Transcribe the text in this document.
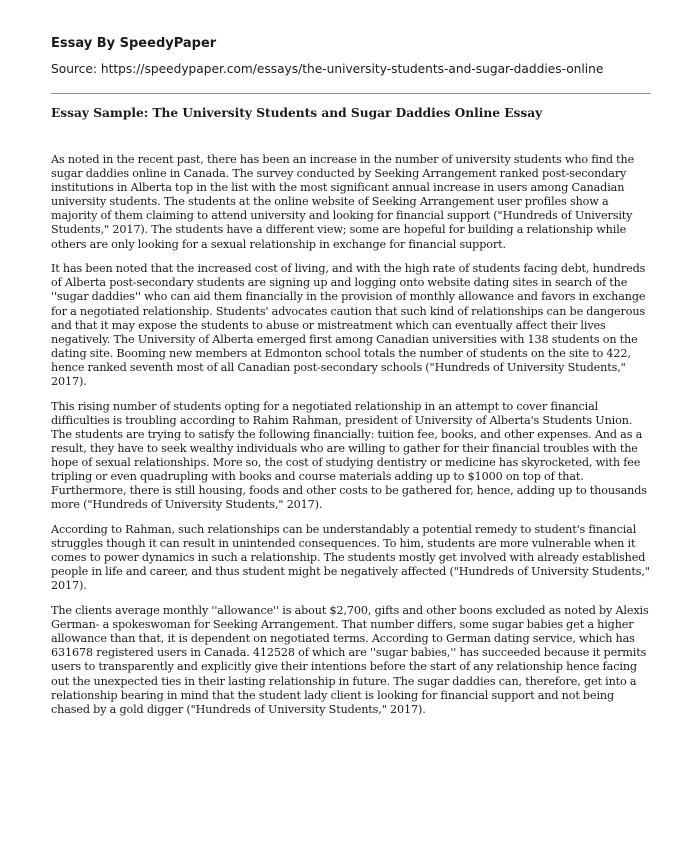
Essay By SpeedyPaper
Source: https://speedypaper.com/essays/the-university-students-and-sugar-daddies-online
Essay Sample: The University Students and Sugar Daddies Online Essay

As noted in the recent past, there has been an increase in the number of university students who find the sugar daddies online in Canada. The survey conducted by Seeking Arrangement ranked post-secondary institutions in Alberta top in the list with the most significant annual increase in users among Canadian university students. The students at the online website of Seeking Arrangement user profiles show a majority of them claiming to attend university and looking for financial support ("Hundreds of University Students," 2017). The students have a different view; some are hopeful for building a relationship while others are only looking for a sexual relationship in exchange for financial support.

It has been noted that the increased cost of living, and with the high rate of students facing debt, hundreds of Alberta post-secondary students are signing up and logging onto website dating sites in search of the ''sugar daddies'' who can aid them financially in the provision of monthly allowance and favors in exchange for a negotiated relationship. Students' advocates caution that such kind of relationships can be dangerous and that it may expose the students to abuse or mistreatment which can eventually affect their lives negatively. The University of Alberta emerged first among Canadian universities with 138 students on the dating site. Booming new members at Edmonton school totals the number of students on the site to 422, hence ranked seventh most of all Canadian post-secondary schools ("Hundreds of University Students," 2017).

This rising number of students opting for a negotiated relationship in an attempt to cover financial difficulties is troubling according to Rahim Rahman, president of University of Alberta's Students Union. The students are trying to satisfy the following financially: tuition fee, books, and other expenses. And as a result, they have to seek wealthy individuals who are willing to gather for their financial troubles with the hope of sexual relationships. More so, the cost of studying dentistry or medicine has skyrocketed, with fee tripling or even quadrupling with books and course materials adding up to $1000 on top of that. Furthermore, there is still housing, foods and other costs to be gathered for, hence, adding up to thousands more ("Hundreds of University Students," 2017).

According to Rahman, such relationships can be understandably a potential remedy to student's financial struggles though it can result in unintended consequences. To him, students are more vulnerable when it comes to power dynamics in such a relationship. The students mostly get involved with already established people in life and career, and thus student might be negatively affected ("Hundreds of University Students," 2017).

The clients average monthly ''allowance'' is about $2,700, gifts and other boons excluded as noted by Alexis German- a spokeswoman for Seeking Arrangement. That number differs, some sugar babies get a higher allowance than that, it is dependent on negotiated terms. According to German dating service, which has 631678 registered users in Canada. 412528 of which are ''sugar babies,'' has succeeded because it permits users to transparently and explicitly give their intentions before the start of any relationship hence facing out the unexpected ties in their lasting relationship in future. The sugar daddies can, therefore, get into a relationship bearing in mind that the student lady client is looking for financial support and not being chased by a gold digger ("Hundreds of University Students," 2017).
